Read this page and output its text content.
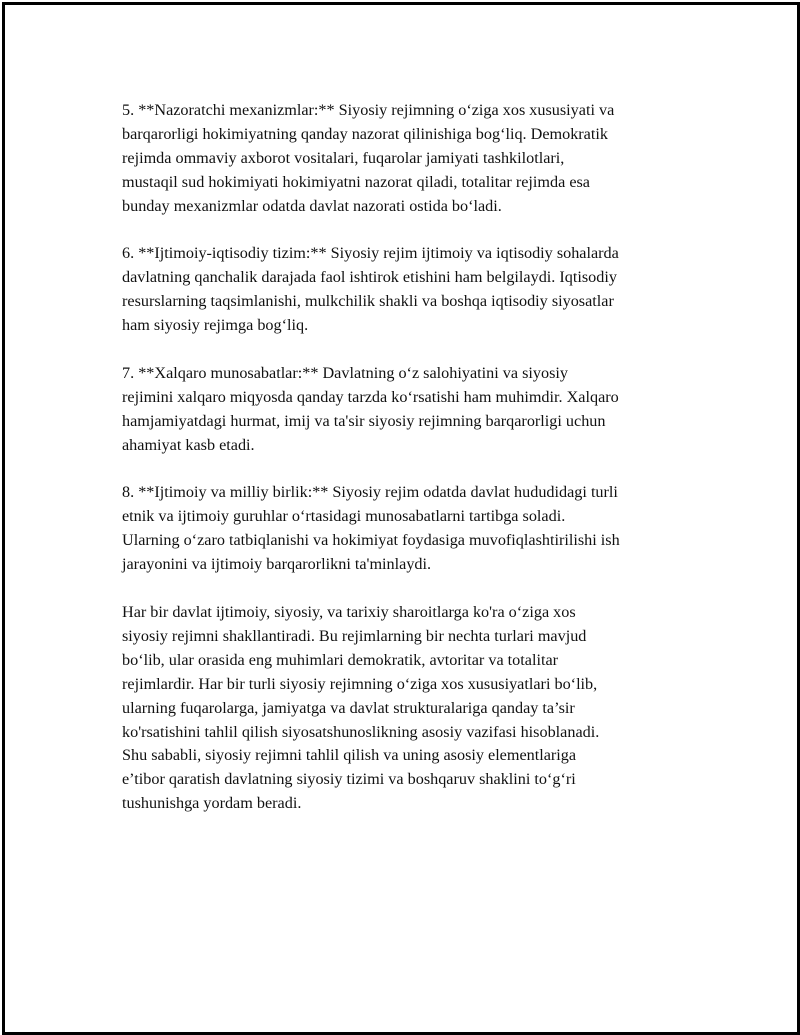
5. **Nazoratchi mexanizmlar:** Siyosiy rejimning o‘ziga xos xususiyati va
barqarorligi hokimiyatning qanday nazorat qilinishiga bog‘liq. Demokratik
rejimda ommaviy axborot vositalari, fuqarolar jamiyati tashkilotlari,
mustaqil sud hokimiyati hokimiyatni nazorat qiladi, totalitar rejimda esa
bunday mexanizmlar odatda davlat nazorati ostida bo‘ladi.

6. **Ijtimoiy-iqtisodiy tizim:** Siyosiy rejim ijtimoiy va iqtisodiy sohalarda
davlatning qanchalik darajada faol ishtirok etishini ham belgilaydi. Iqtisodiy
resurslarning taqsimlanishi, mulkchilik shakli va boshqa iqtisodiy siyosatlar
ham siyosiy rejimga bog‘liq.

7. **Xalqaro munosabatlar:** Davlatning o‘z salohiyatini va siyosiy
rejimini xalqaro miqyosda qanday tarzda ko‘rsatishi ham muhimdir. Xalqaro
hamjamiyatdagi hurmat, imij va ta'sir siyosiy rejimning barqarorligi uchun
ahamiyat kasb etadi.

8. **Ijtimoiy va milliy birlik:** Siyosiy rejim odatda davlat hududidagi turli
etnik va ijtimoiy guruhlar o‘rtasidagi munosabatlarni tartibga soladi.
Ularning o‘zaro tatbiqlanishi va hokimiyat foydasiga muvofiqlashtirilishi ish
jarayonini va ijtimoiy barqarorlikni ta'minlaydi.

Har bir davlat ijtimoiy, siyosiy, va tarixiy sharoitlarga ko'ra o‘ziga xos
siyosiy rejimni shakllantiradi. Bu rejimlarning bir nechta turlari mavjud
bo‘lib, ular orasida eng muhimlari demokratik, avtoritar va totalitar
rejimlardir. Har bir turli siyosiy rejimning o‘ziga xos xususiyatlari bo‘lib,
ularning fuqarolarga, jamiyatga va davlat strukturalariga qanday ta’sir
ko'rsatishini tahlil qilish siyosatshunoslikning asosiy vazifasi hisoblanadi.
Shu sababli, siyosiy rejimni tahlil qilish va uning asosiy elementlariga
e’tibor qaratish davlatning siyosiy tizimi va boshqaruv shaklini to‘g‘ri
tushunishga yordam beradi.
